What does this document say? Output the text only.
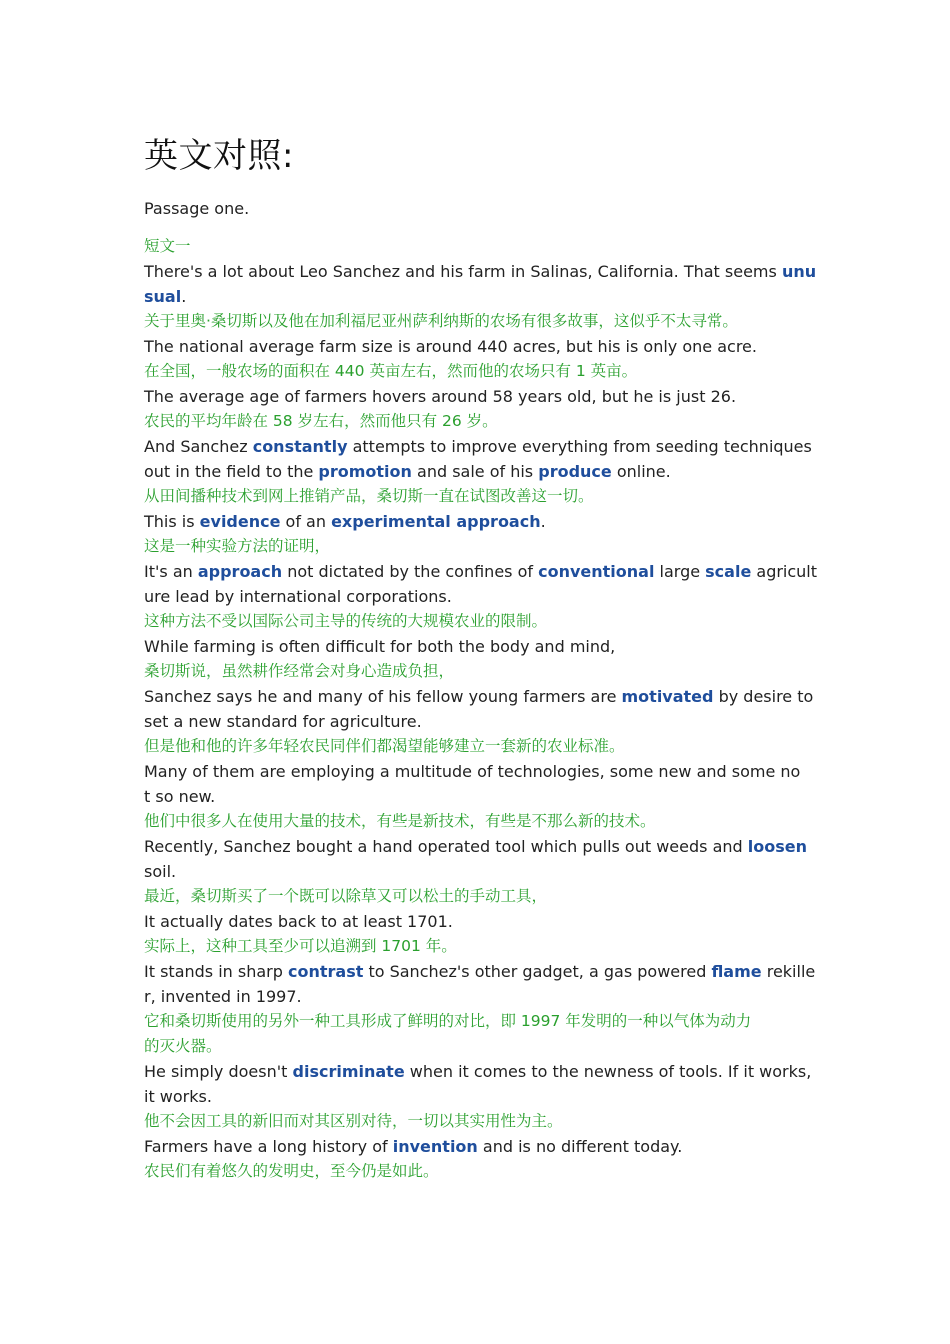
英文对照:
Passage one.
短文一
There's a lot about Leo Sanchez and his farm in Salinas, California. That seems unu
sual.
关于里奥·桑切斯以及他在加利福尼亚州萨利纳斯的农场有很多故事，这似乎不太寻常。
The national average farm size is around 440 acres, but his is only one acre.
在全国，一般农场的面积在 440 英亩左右，然而他的农场只有 1 英亩。
The average age of farmers hovers around 58 years old, but he is just 26.
农民的平均年龄在 58 岁左右，然而他只有 26 岁。
And Sanchez constantly attempts to improve everything from seeding techniques
out in the field to the promotion and sale of his produce online.
从田间播种技术到网上推销产品，桑切斯一直在试图改善这一切。
This is evidence of an experimental approach.
这是一种实验方法的证明，
It's an approach not dictated by the confines of conventional large scale agricult
ure lead by international corporations.
这种方法不受以国际公司主导的传统的大规模农业的限制。
While farming is often difficult for both the body and mind,
桑切斯说，虽然耕作经常会对身心造成负担，
Sanchez says he and many of his fellow young farmers are motivated by desire to
set a new standard for agriculture.
但是他和他的许多年轻农民同伴们都渴望能够建立一套新的农业标准。
Many of them are employing a multitude of technologies, some new and some no
t so new.
他们中很多人在使用大量的技术，有些是新技术，有些是不那么新的技术。
Recently, Sanchez bought a hand operated tool which pulls out weeds and loosen
soil.
最近，桑切斯买了一个既可以除草又可以松土的手动工具，
It actually dates back to at least 1701.
实际上，这种工具至少可以追溯到 1701 年。
It stands in sharp contrast to Sanchez's other gadget, a gas powered flame rekille
r, invented in 1997.
它和桑切斯使用的另外一种工具形成了鲜明的对比，即 1997 年发明的一种以气体为动力
的灭火器。
He simply doesn't discriminate when it comes to the newness of tools. If it works,
it works.
他不会因工具的新旧而对其区别对待，一切以其实用性为主。
Farmers have a long history of invention and is no different today.
农民们有着悠久的发明史，至今仍是如此。
